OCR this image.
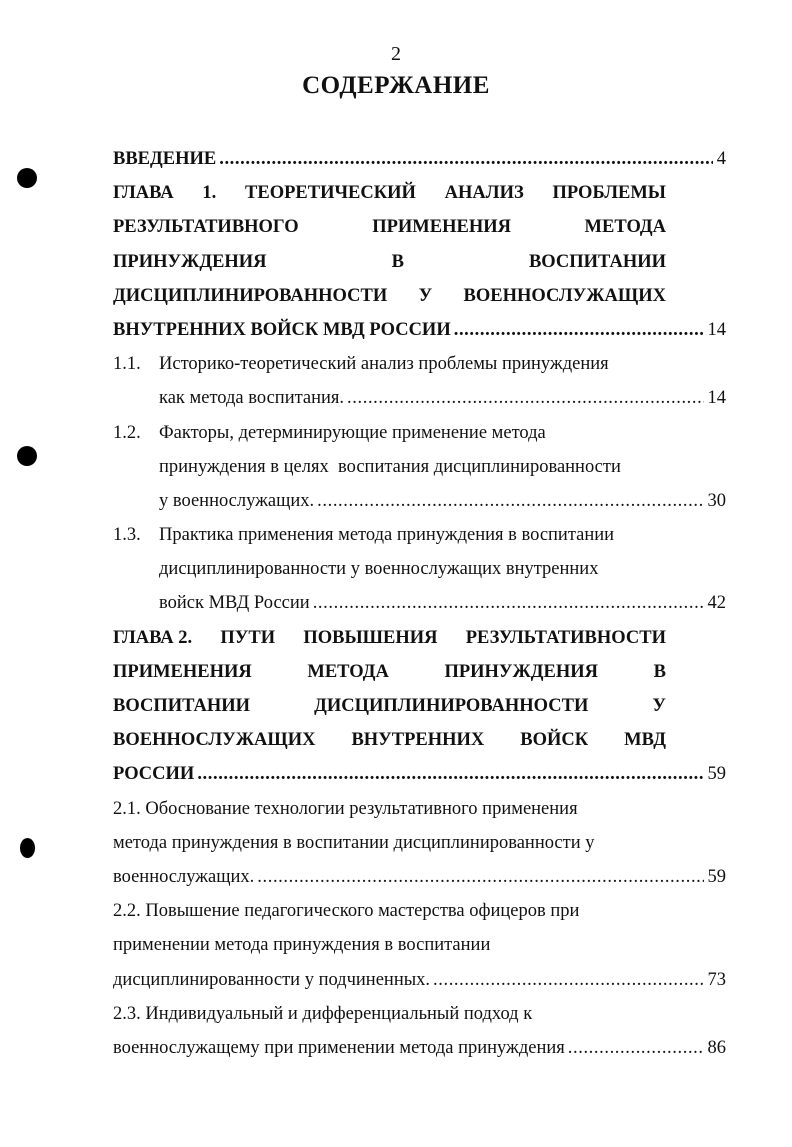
2
СОДЕРЖАНИЕ
ВВЕДЕНИЕ .....	4
ГЛАВА 1. ТЕОРЕТИЧЕСКИЙ АНАЛИЗ ПРОБЛЕМЫ
РЕЗУЛЬТАТИВНОГО	ПРИМЕНЕНИЯ	МЕТОДА
ПРИНУЖДЕНИЯ	В	ВОСПИТАНИИ
ДИСЦИПЛИНИРОВАННОСТИ У ВОЕННОСЛУЖАЩИХ
ВНУТРЕННИХ ВОЙСК МВД РОССИИ .....	14
1.1. Историко-теоретический анализ проблемы принуждения
как метода воспитания. .....	14
1.2. Факторы, детерминирующие применение метода
принуждения в целях  воспитания дисциплинированности
у военнослужащих. .....	30
1.3. Практика применения метода принуждения в воспитании
дисциплинированности у военнослужащих внутренних
войск МВД России .....	42
ГЛАВА 2. ПУТИ ПОВЫШЕНИЯ РЕЗУЛЬТАТИВНОСТИ
ПРИМЕНЕНИЯ	МЕТОДА	ПРИНУЖДЕНИЯ	В
ВОСПИТАНИИ	ДИСЦИПЛИНИРОВАННОСТИ	У
ВОЕННОСЛУЖАЩИХ ВНУТРЕННИХ ВОЙСК МВД
РОССИИ .....	59
2.1. Обоснование технологии результативного применения
метода принуждения в воспитании дисциплинированности у
военнослужащих. .....	59
2.2. Повышение педагогического мастерства офицеров при
применении метода принуждения в воспитании
дисциплинированности у подчиненных. .....	73
2.3. Индивидуальный и дифференциальный подход к
военнослужащему при применении метода принуждения .....	86
